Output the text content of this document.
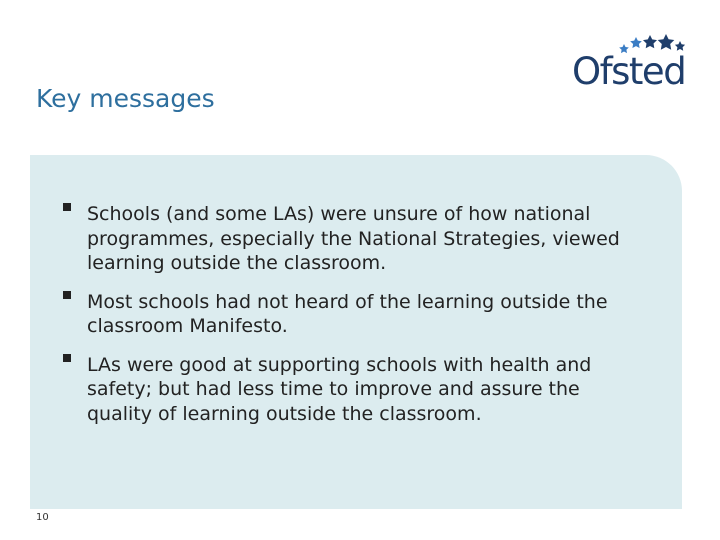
Key messages
Ofsted
Schools (and some LAs) were unsure of how national programmes, especially the National Strategies, viewed learning outside the classroom.
Most schools had not heard of the learning outside the classroom Manifesto.
LAs were good at supporting schools with health and safety; but had less time to improve and assure the quality of learning outside the classroom.
10
